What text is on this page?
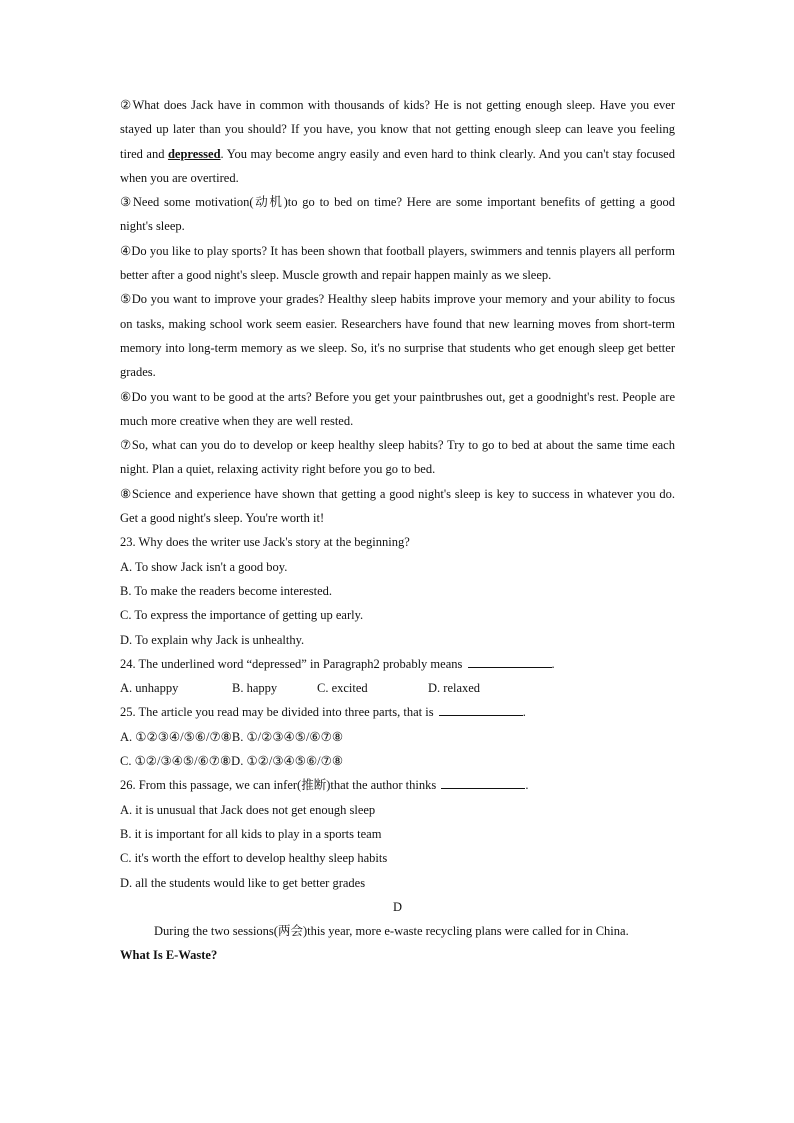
②What does Jack have in common with thousands of kids? He is not getting enough sleep. Have you ever stayed up later than you should? If you have, you know that not getting enough sleep can leave you feeling tired and depressed. You may become angry easily and even hard to think clearly. And you can't stay focused when you are overtired.

③Need some motivation(动机)to go to bed on time? Here are some important benefits of getting a good night's sleep.

④Do you like to play sports? It has been shown that football players, swimmers and tennis players all perform better after a good night's sleep. Muscle growth and repair happen mainly as we sleep.

⑤Do you want to improve your grades? Healthy sleep habits improve your memory and your ability to focus on tasks, making school work seem easier. Researchers have found that new learning moves from short-term memory into long-term memory as we sleep. So, it's no surprise that students who get enough sleep get better grades.

⑥Do you want to be good at the arts? Before you get your paintbrushes out, get a goodnight's rest. People are much more creative when they are well rested.

⑦So, what can you do to develop or keep healthy sleep habits? Try to go to bed at about the same time each night. Plan a quiet, relaxing activity right before you go to bed.

⑧Science and experience have shown that getting a good night's sleep is key to success in whatever you do. Get a good night's sleep. You're worth it!

23. Why does the writer use Jack's story at the beginning?

A. To show Jack isn't a good boy.

B. To make the readers become interested.

C. To express the importance of getting up early.

D. To explain why Jack is unhealthy.

24. The underlined word “depressed” in Paragraph2 probably means	.

A. unhappy	B. happy	C. excited	D. relaxed

25. The article you read may be divided into three parts, that is	.

A. ①②③④/⑤⑥/⑦⑧B. ①/②③④⑤/⑥⑦⑧

C. ①②/③④⑤/⑥⑦⑧D. ①②/③④⑤⑥/⑦⑧

26. From this passage, we can infer(推断)that the author thinks	.

A. it is unusual that Jack does not get enough sleep

B. it is important for all kids to play in a sports team

C. it's worth the effort to develop healthy sleep habits

D. all the students would like to get better grades

D

During the two sessions(两会)this year, more e-waste recycling plans were called for in China.

What Is E-Waste?
